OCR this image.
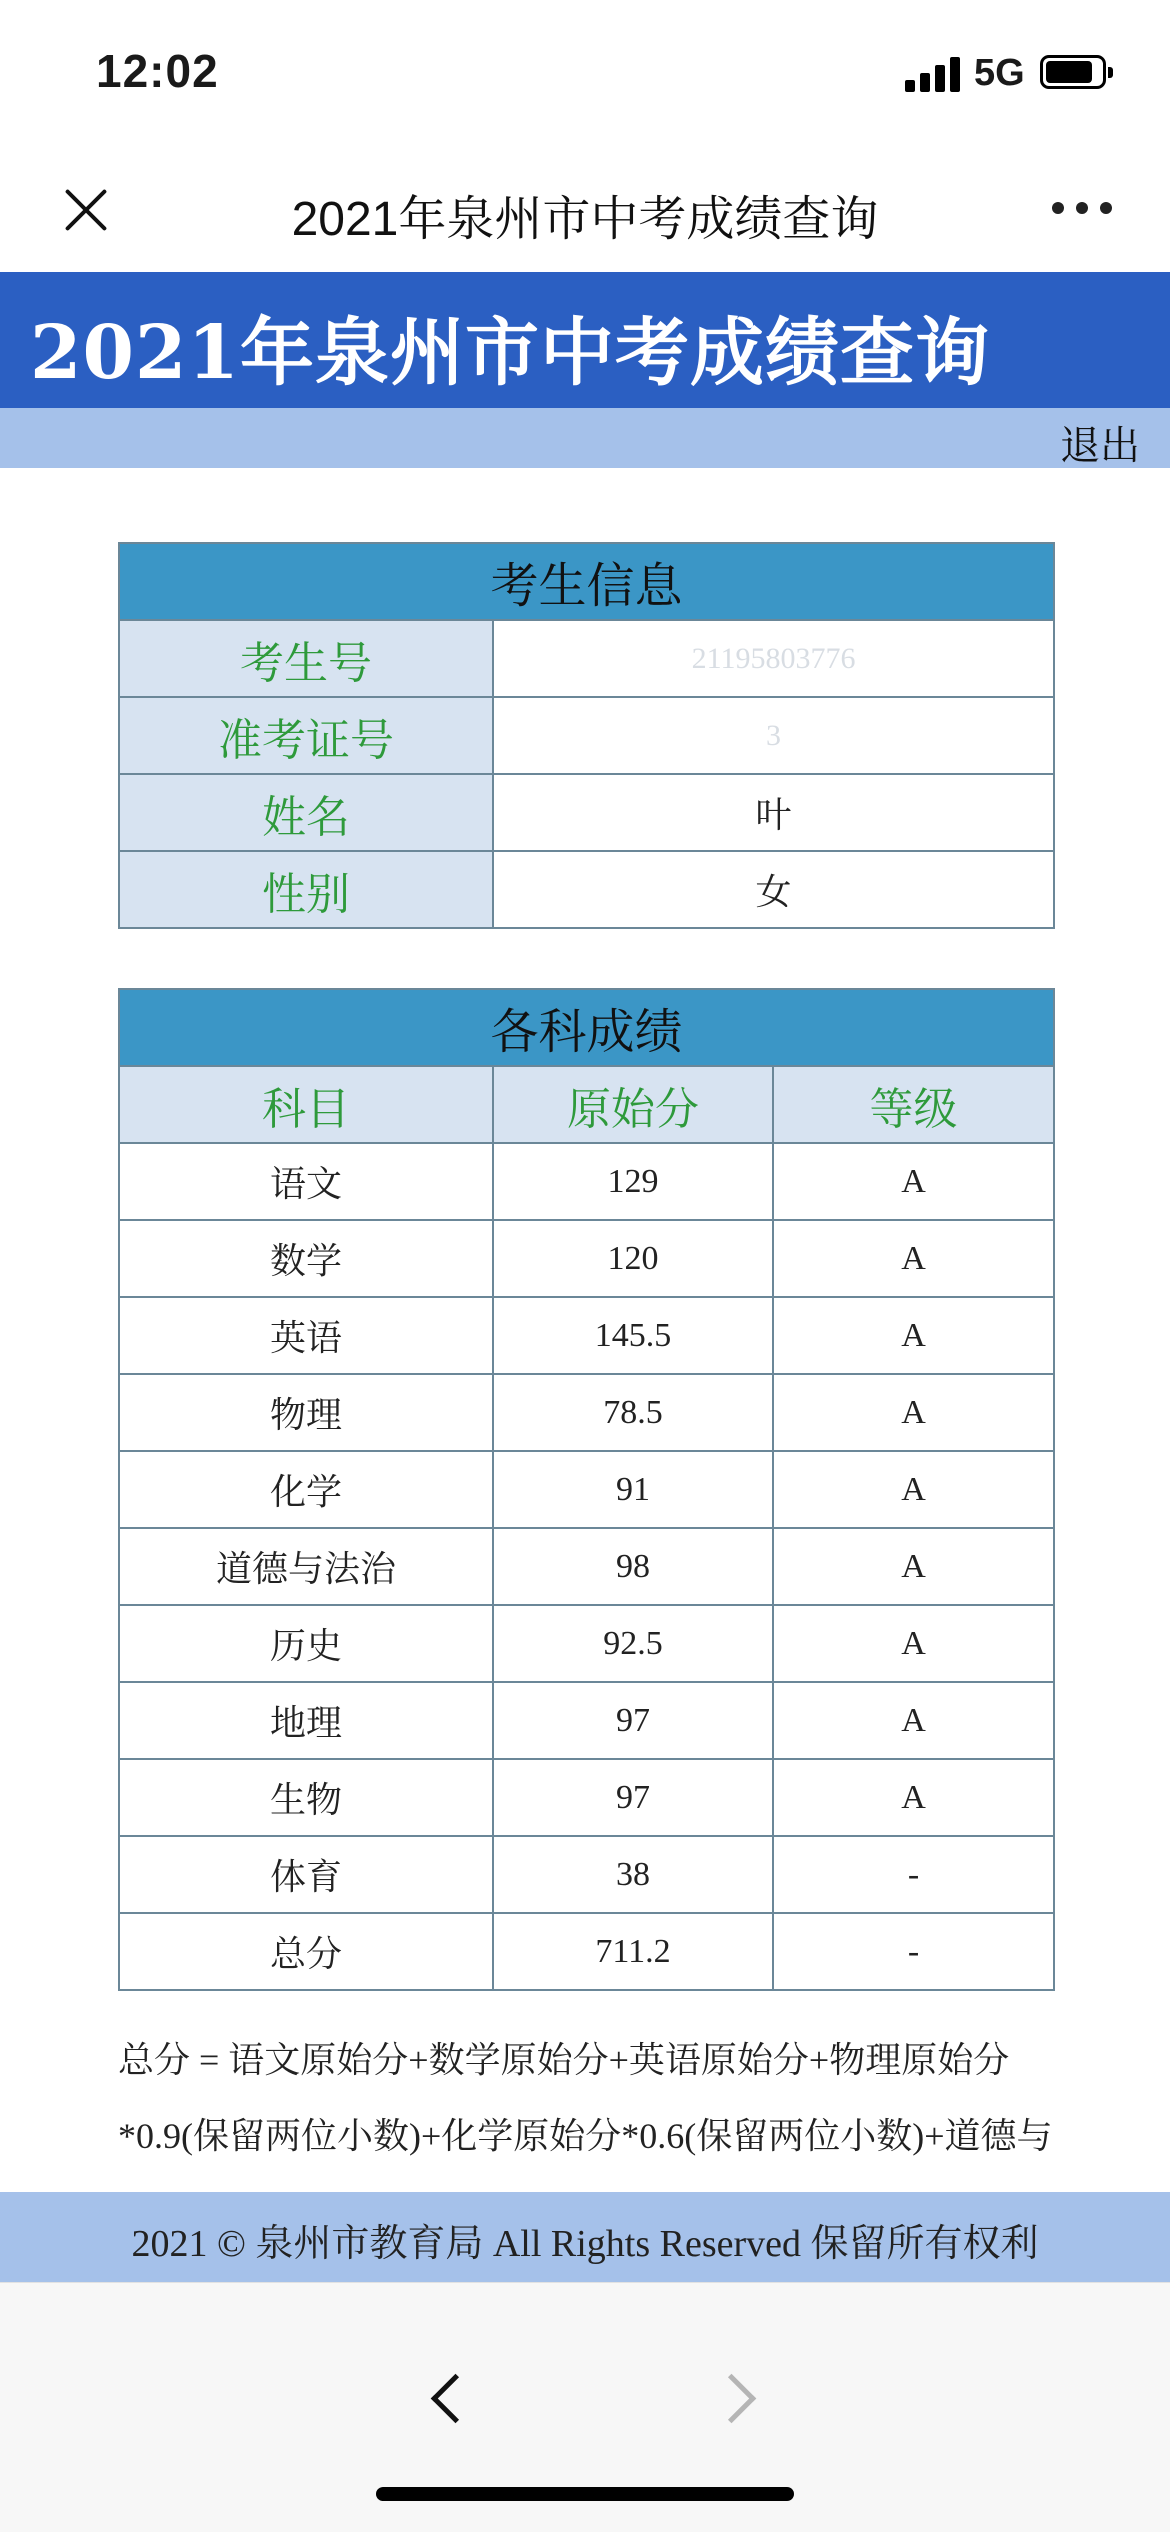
12:02	5G
2021年泉州市中考成绩查询
2021年泉州市中考成绩查询
退出
考生信息	
考生号	21195803776
准考证号	3
姓名	叶
性别	女
各科成绩		
科目	原始分	等级
语文	129	A
数学	120	A
英语	145.5	A
物理	78.5	A
化学	91	A
道德与法治	98	A
历史	92.5	A
地理	97	A
生物	97	A
体育	38	-
总分	711.2	-
总分 = 语文原始分+数学原始分+英语原始分+物理原始分*0.9(保留两位小数)+化学原始分*0.6(保留两位小数)+道德与
2021 © 泉州市教育局 All Rights Reserved 保留所有权利
